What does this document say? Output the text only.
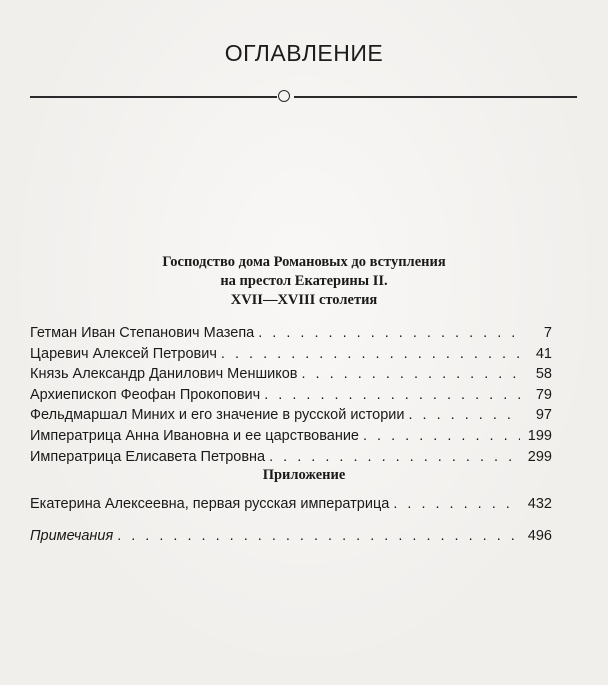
ОГЛАВЛЕНИЕ
Господство дома Романовых до вступления
на престол Екатерины II.
XVII—XVIII столетия
Гетман Иван Степанович Мазепа . . .	7
Царевич Алексей Петрович . . .	41
Князь Александр Данилович Меншиков . . .	58
Архиепископ Феофан Прокопович . . .	79
Фельдмаршал Миних и его значение в русской истории . . .	97
Императрица Анна Ивановна и ее царствование . . .	199
Императрица Елисавета Петровна . . .	299
Приложение
Екатерина Алексеевна, первая русская императрица . . .	432
Примечания . . .	496
